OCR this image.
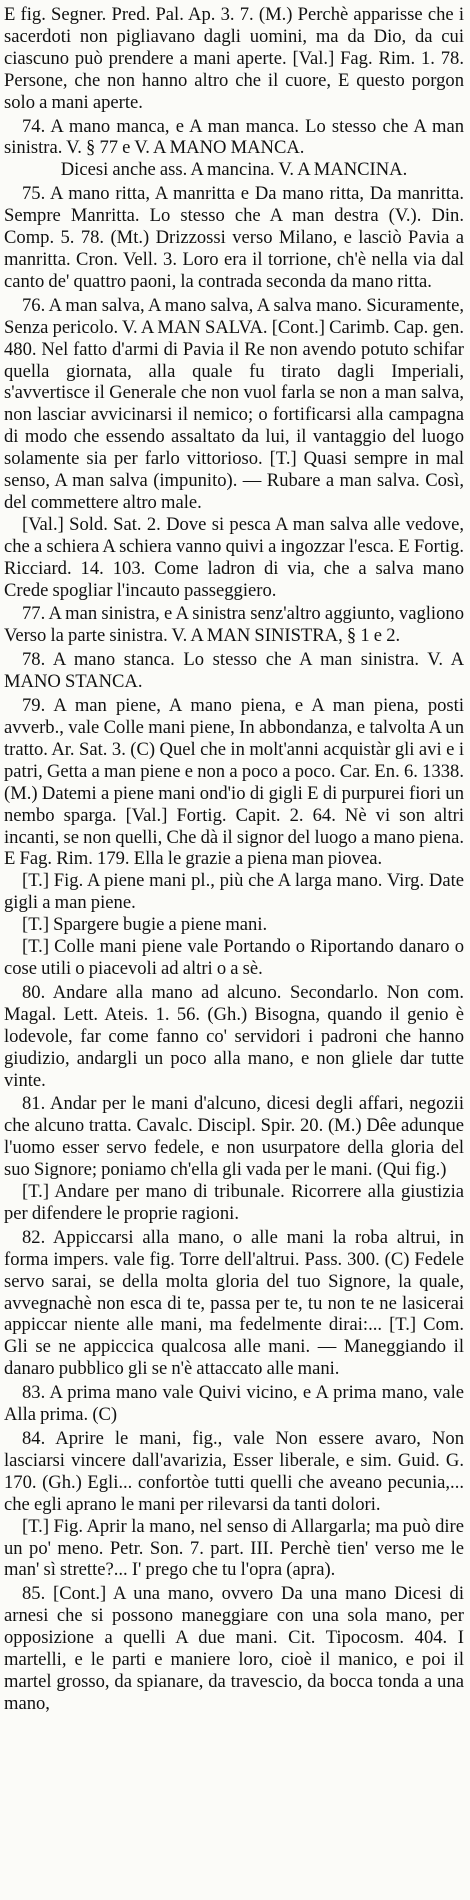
E fig. Segner. Pred. Pal. Ap. 3. 7. (M.) Perchè apparisse che i sacerdoti non pigliavano dagli uomini, ma da Dio, da cui ciascuno può prendere a mani aperte. [Val.] Fag. Rim. 1. 78. Persone, che non hanno altro che il cuore, E questo porgon solo a mani aperte.

74. A mano manca, e A man manca. Lo stesso che A man sinistra. V. § 77 e V. A MANO MANCA.

Dicesi anche ass. A mancina. V. A MANCINA.

75. A mano ritta, A manritta e Da mano ritta, Da manritta. Sempre Manritta. Lo stesso che A man destra (V.). Din. Comp. 5. 78. (Mt.) Drizzossi verso Milano, e lasciò Pavia a manritta. Cron. Vell. 3. Loro era il torrione, ch'è nella via dal canto de' quattro paoni, la contrada seconda da mano ritta.

76. A man salva, A mano salva, A salva mano. Sicuramente, Senza pericolo. V. A MAN SALVA. [Cont.] Carimb. Cap. gen. 480. Nel fatto d'armi di Pavia il Re non avendo potuto schifar quella giornata, alla quale fu tirato dagli Imperiali, s'avvertisce il Generale che non vuol farla se non a man salva, non lasciar avvicinarsi il nemico; o fortificarsi alla campagna di modo che essendo assaltato da lui, il vantaggio del luogo solamente sia per farlo vittorioso. [T.] Quasi sempre in mal senso, A man salva (impunito). — Rubare a man salva. Così, del commettere altro male.

[Val.] Sold. Sat. 2. Dove si pesca A man salva alle vedove, che a schiera A schiera vanno quivi a ingozzar l'esca. E Fortig. Ricciard. 14. 103. Come ladron di via, che a salva mano Crede spogliar l'incauto passeggiero.

77. A man sinistra, e A sinistra senz'altro aggiunto, vagliono Verso la parte sinistra. V. A MAN SINISTRA, § 1 e 2.

78. A mano stanca. Lo stesso che A man sinistra. V. A MANO STANCA.

79. A man piene, A mano piena, e A man piena, posti avverb., vale Colle mani piene, In abbondanza, e talvolta A un tratto. Ar. Sat. 3. (C) Quel che in molt'anni acquistàr gli avi e i patri, Getta a man piene e non a poco a poco. Car. En. 6. 1338. (M.) Datemi a piene mani ond'io di gigli E di purpurei fiori un nembo sparga. [Val.] Fortig. Capit. 2. 64. Nè vi son altri incanti, se non quelli, Che dà il signor del luogo a mano piena. E Fag. Rim. 179. Ella le grazie a piena man piovea.

[T.] Fig. A piene mani pl., più che A larga mano. Virg. Date gigli a man piene.

[T.] Spargere bugie a piene mani.

[T.] Colle mani piene vale Portando o Riportando danaro o cose utili o piacevoli ad altri o a sè.

80. Andare alla mano ad alcuno. Secondarlo. Non com. Magal. Lett. Ateis. 1. 56. (Gh.) Bisogna, quando il genio è lodevole, far come fanno co' servidori i padroni che hanno giudizio, andargli un poco alla mano, e non gliele dar tutte vinte.

81. Andar per le mani d'alcuno, dicesi degli affari, negozii che alcuno tratta. Cavalc. Discipl. Spir. 20. (M.) Dêe adunque l'uomo esser servo fedele, e non usurpatore della gloria del suo Signore; poniamo ch'ella gli vada per le mani. (Qui fig.)

[T.] Andare per mano di tribunale. Ricorrere alla giustizia per difendere le proprie ragioni.

82. Appiccarsi alla mano, o alle mani la roba altrui, in forma impers. vale fig. Torre dell'altrui. Pass. 300. (C) Fedele servo sarai, se della molta gloria del tuo Signore, la quale, avvegnachè non esca di te, passa per te, tu non te ne lasicerai appiccar niente alle mani, ma fedelmente dirai:... [T.] Com. Gli se ne appiccica qualcosa alle mani. — Maneggiando il danaro pubblico gli se n'è attaccato alle mani.

83. A prima mano vale Quivi vicino, e A prima mano, vale Alla prima. (C)

84. Aprire le mani, fig., vale Non essere avaro, Non lasciarsi vincere dall'avarizia, Esser liberale, e sim. Guid. G. 170. (Gh.) Egli... confortòe tutti quelli che aveano pecunia,... che egli aprano le mani per rilevarsi da tanti dolori.

[T.] Fig. Aprir la mano, nel senso di Allargarla; ma può dire un po' meno. Petr. Son. 7. part. III. Perchè tien' verso me le man' sì strette?... I' prego che tu l'opra (apra).

85. [Cont.] A una mano, ovvero Da una mano Dicesi di arnesi che si possono maneggiare con una sola mano, per opposizione a quelli A due mani. Cit. Tipocosm. 404. I martelli, e le parti e maniere loro, cioè il manico, e poi il martel grosso, da spianare, da travescio, da bocca tonda a una mano,
